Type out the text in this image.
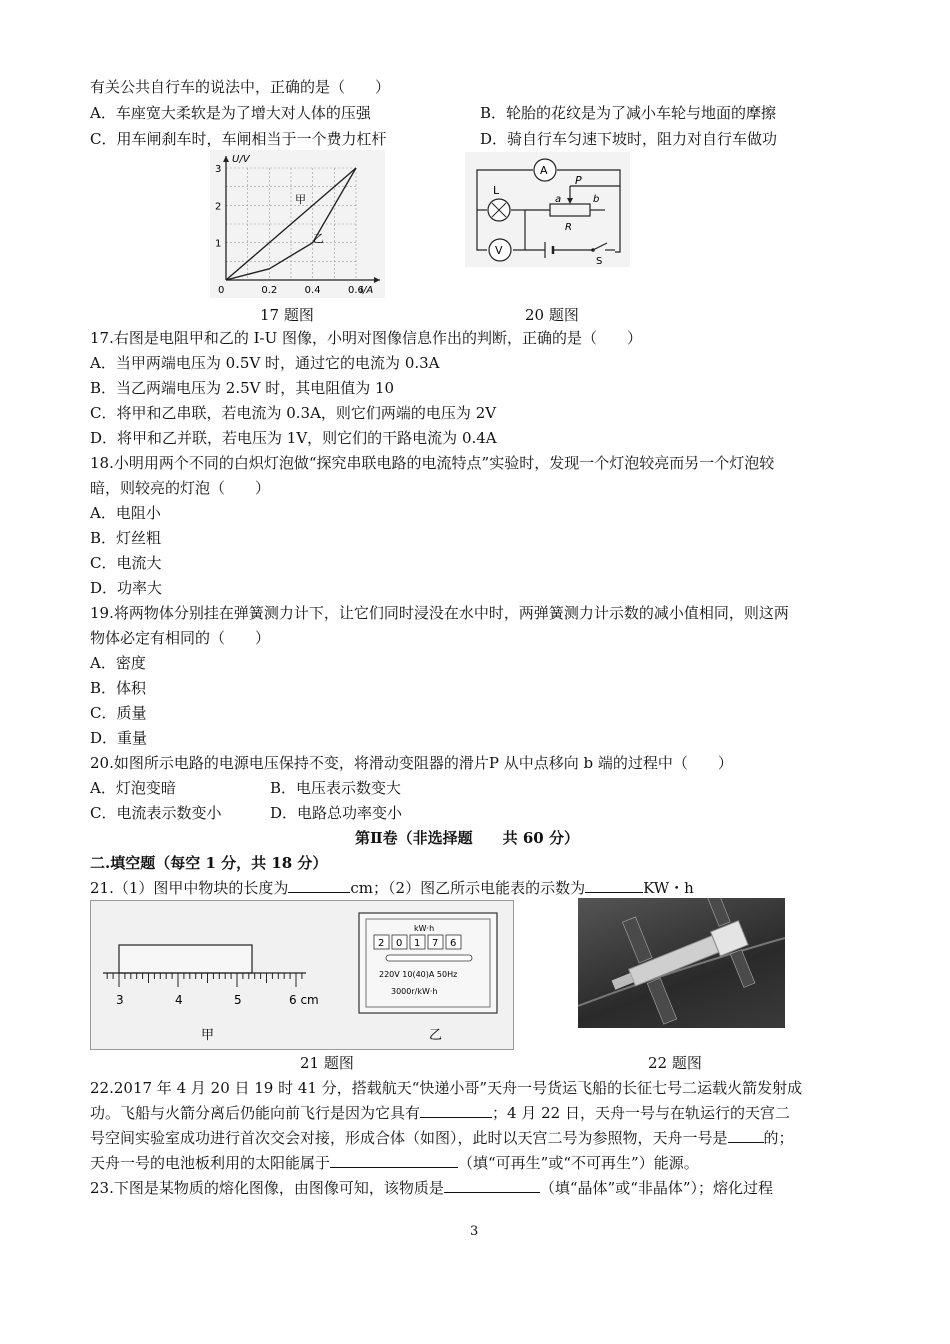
有关公共自行车的说法中，正确的是（　　）
A．车座宽大柔软是为了增大对人体的压强	B．轮胎的花纹是为了减小车轮与地面的摩擦
C．用车闸刹车时，车闸相当于一个费力杠杆	D．骑自行车匀速下坡时，阻力对自行车做功
U/V
0	0.2	0.4	0.6
1
2
3
I/A
甲
乙
17 题图
L
A
V
S
P
a	b
R
20 题图
17.右图是电阻甲和乙的 I-U 图像，小明对图像信息作出的判断，正确的是（　　）
A．当甲两端电压为 0.5V 时，通过它的电流为 0.3A
B．当乙两端电压为 2.5V 时，其电阻值为 10
C．将甲和乙串联，若电流为 0.3A，则它们两端的电压为 2V
D．将甲和乙并联，若电压为 1V，则它们的干路电流为 0.4A
18.小明用两个不同的白炽灯泡做“探究串联电路的电流特点”实验时，发现一个灯泡较亮而另一个灯泡较
暗，则较亮的灯泡（　　）
A．电阻小
B．灯丝粗
C．电流大
D．功率大
19.将两物体分别挂在弹簧测力计下，让它们同时浸没在水中时，两弹簧测力计示数的减小值相同，则这两
物体必定有相同的（　　）
A．密度
B．体积
C．质量
D．重量
20.如图所示电路的电源电压保持不变，将滑动变阻器的滑片P 从中点移向 b 端的过程中（　　）
A．灯泡变暗	B．电压表示数变大
C．电流表示数变小	D．电路总功率变小
第Ⅱ卷（非选择题　　共 60 分）
二.填空题（每空 1 分，共 18 分）
21.（1）图甲中物块的长度为	cm；（2）图乙所示电能表的示数为	KW・h
3	4	5	6 cm
甲
kW·h
2 0 1 7 6
220V 10(40)A 50Hz
3000r/kW·h
乙
21 题图	22 题图
22.2017 年 4 月 20 日 19 时 41 分，搭载航天“快递小哥”天舟一号货运飞船的长征七号二运载火箭发射成
功。飞船与火箭分离后仍能向前飞行是因为它具有	；4 月 22 日，天舟一号与在轨运行的天宫二
号空间实验室成功进行首次交会对接，形成合体（如图），此时以天宫二号为参照物，天舟一号是 的；
天舟一号的电池板利用的太阳能属于	（填“可再生”或“不可再生”）能源。
23.下图是某物质的熔化图像，由图像可知，该物质是	（填“晶体”或“非晶体”）；熔化过程
3
